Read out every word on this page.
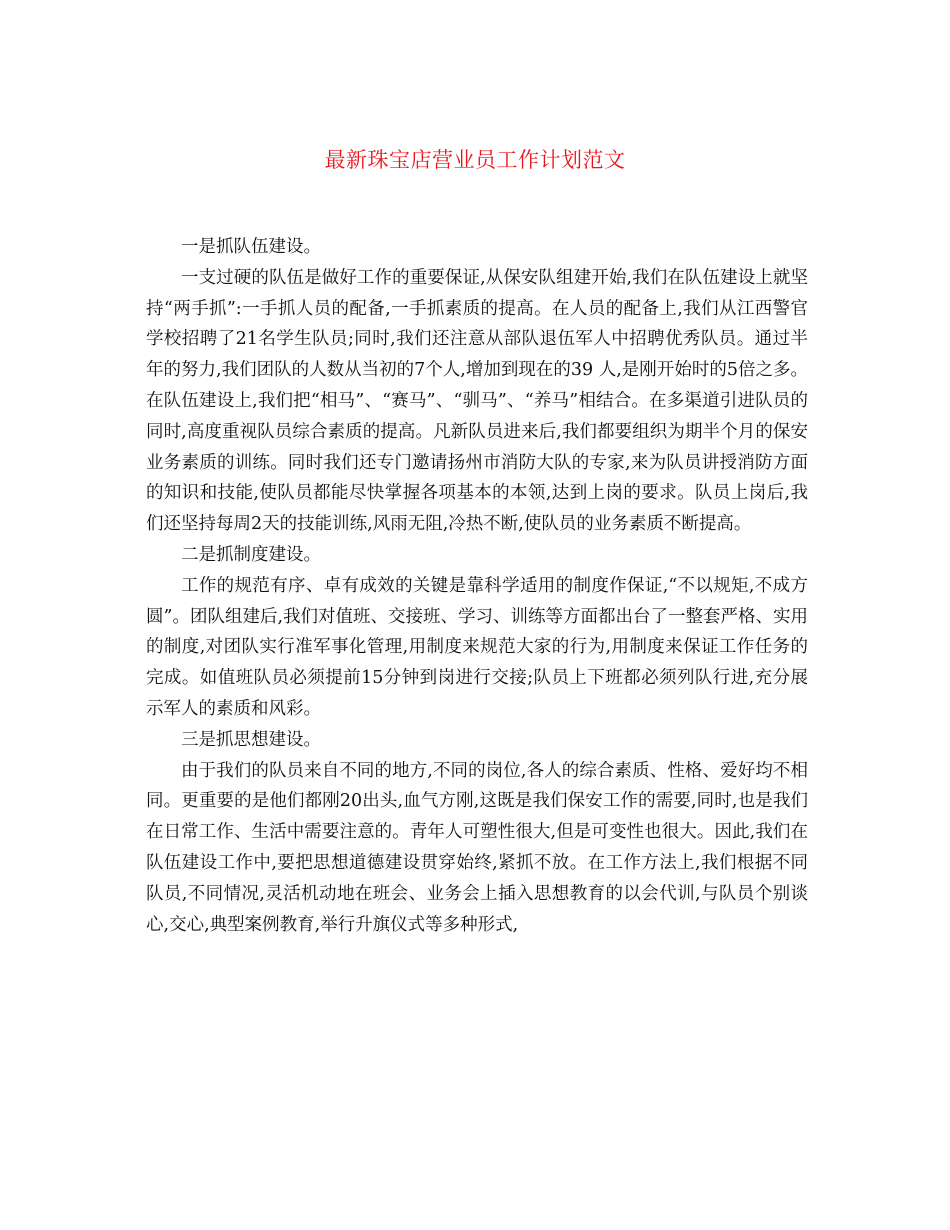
最新珠宝店营业员工作计划范文

一是抓队伍建设。

一支过硬的队伍是做好工作的重要保证,从保安队组建开始,我们在队伍建设上就坚持“两手抓”:一手抓人员的配备,一手抓素质的提高。在人员的配备上,我们从江西警官学校招聘了21名学生队员;同时,我们还注意从部队退伍军人中招聘优秀队员。通过半年的努力,我们团队的人数从当初的7个人,增加到现在的39 人,是刚开始时的5倍之多。在队伍建设上,我们把“相马”、“赛马”、“驯马”、“养马”相结合。在多渠道引进队员的同时,高度重视队员综合素质的提高。凡新队员进来后,我们都要组织为期半个月的保安业务素质的训练。同时我们还专门邀请扬州市消防大队的专家,来为队员讲授消防方面的知识和技能,使队员都能尽快掌握各项基本的本领,达到上岗的要求。队员上岗后,我们还坚持每周2天的技能训练,风雨无阻,冷热不断,使队员的业务素质不断提高。

二是抓制度建设。

工作的规范有序、卓有成效的关键是靠科学适用的制度作保证,“不以规矩,不成方圆”。团队组建后,我们对值班、交接班、学习、训练等方面都出台了一整套严格、实用的制度,对团队实行准军事化管理,用制度来规范大家的行为,用制度来保证工作任务的完成。如值班队员必须提前15分钟到岗进行交接;队员上下班都必须列队行进,充分展示军人的素质和风彩。

三是抓思想建设。

由于我们的队员来自不同的地方,不同的岗位,各人的综合素质、性格、爱好均不相同。更重要的是他们都刚20出头,血气方刚,这既是我们保安工作的需要,同时,也是我们在日常工作、生活中需要注意的。青年人可塑性很大,但是可变性也很大。因此,我们在队伍建设工作中,要把思想道德建设贯穿始终,紧抓不放。在工作方法上,我们根据不同队员,不同情况,灵活机动地在班会、业务会上插入思想教育的以会代训,与队员个别谈心,交心,典型案例教育,举行升旗仪式等多种形式,
